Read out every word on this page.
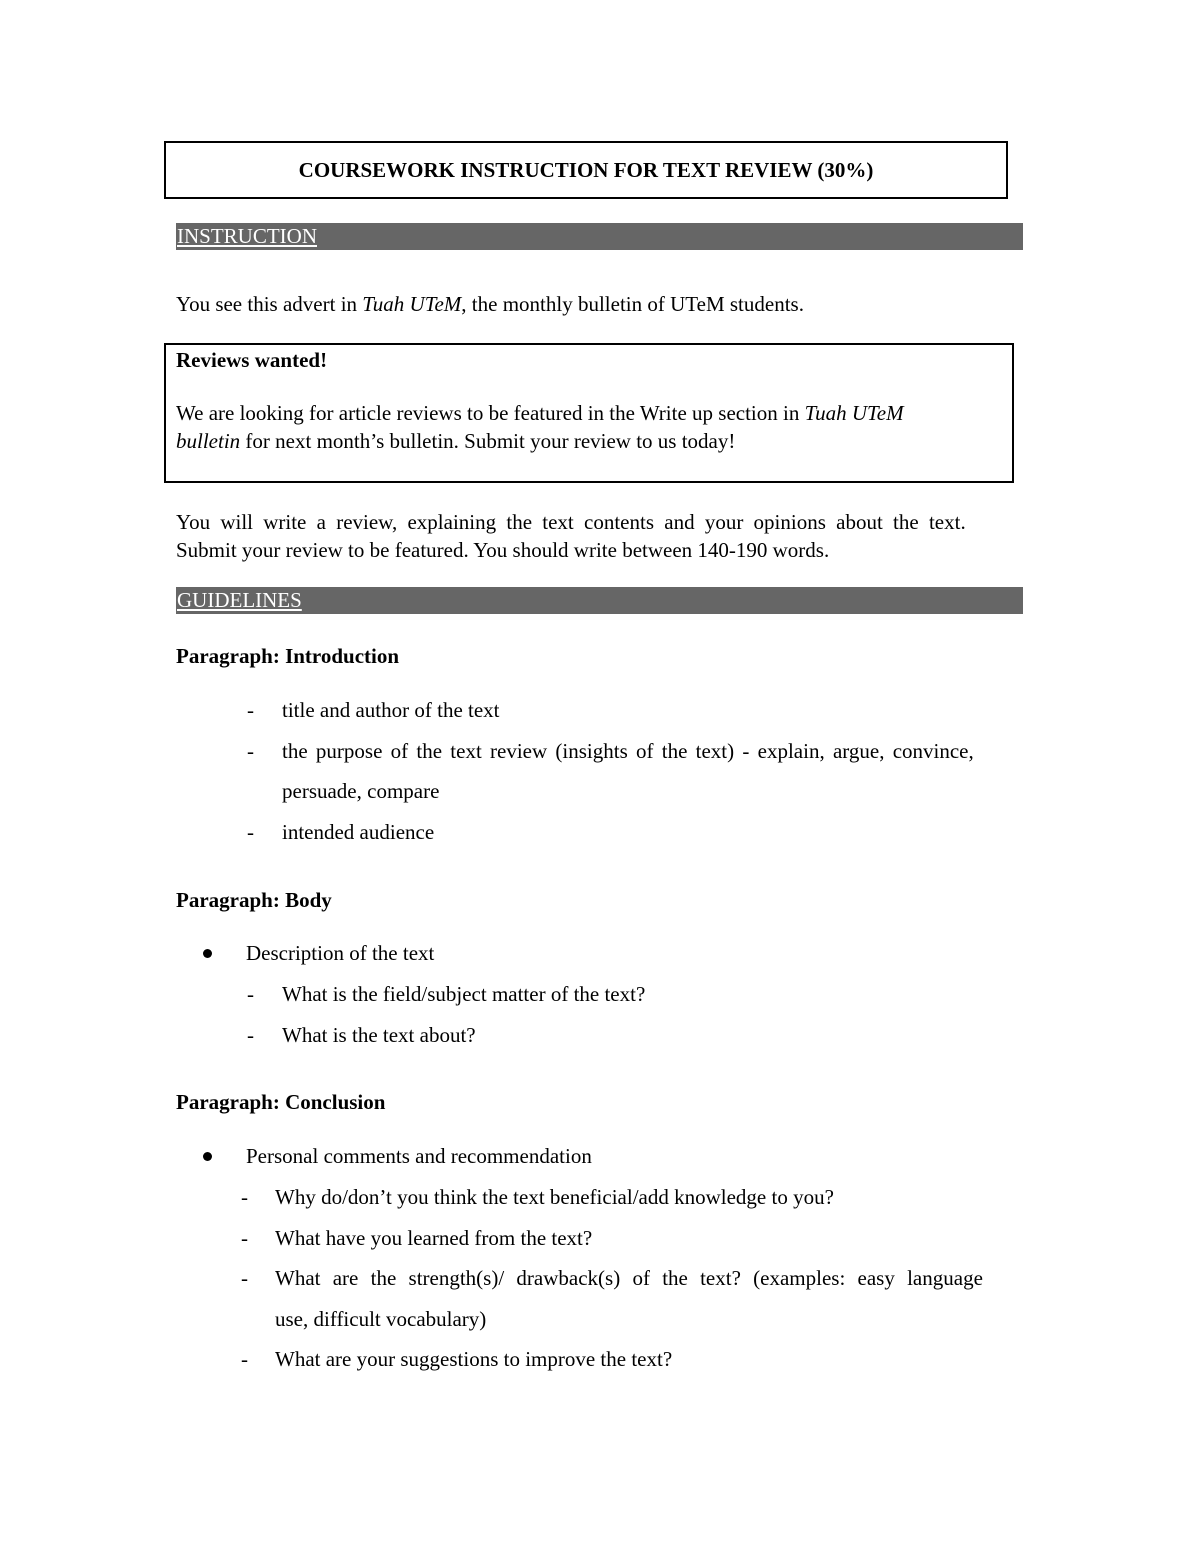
COURSEWORK INSTRUCTION FOR TEXT REVIEW (30%)
INSTRUCTION
You see this advert in Tuah UTeM, the monthly bulletin of UTeM students.
Reviews wanted!
We are looking for article reviews to be featured in the Write up section in Tuah UTeM
bulletin for next month’s bulletin. Submit your review to us today!
You will write a review, explaining the text contents and your opinions about the text.
Submit your review to be featured. You should write between 140-190 words.
GUIDELINES
Paragraph: Introduction
- title and author of the text
- the purpose of the text review (insights of the text) - explain, argue, convince,
persuade, compare
- intended audience
Paragraph: Body
Description of the text
- What is the field/subject matter of the text?
- What is the text about?
Paragraph: Conclusion
Personal comments and recommendation
- Why do/don’t you think the text beneficial/add knowledge to you?
- What have you learned from the text?
- What are the strength(s)/ drawback(s) of the text? (examples: easy language
use, difficult vocabulary)
- What are your suggestions to improve the text?
